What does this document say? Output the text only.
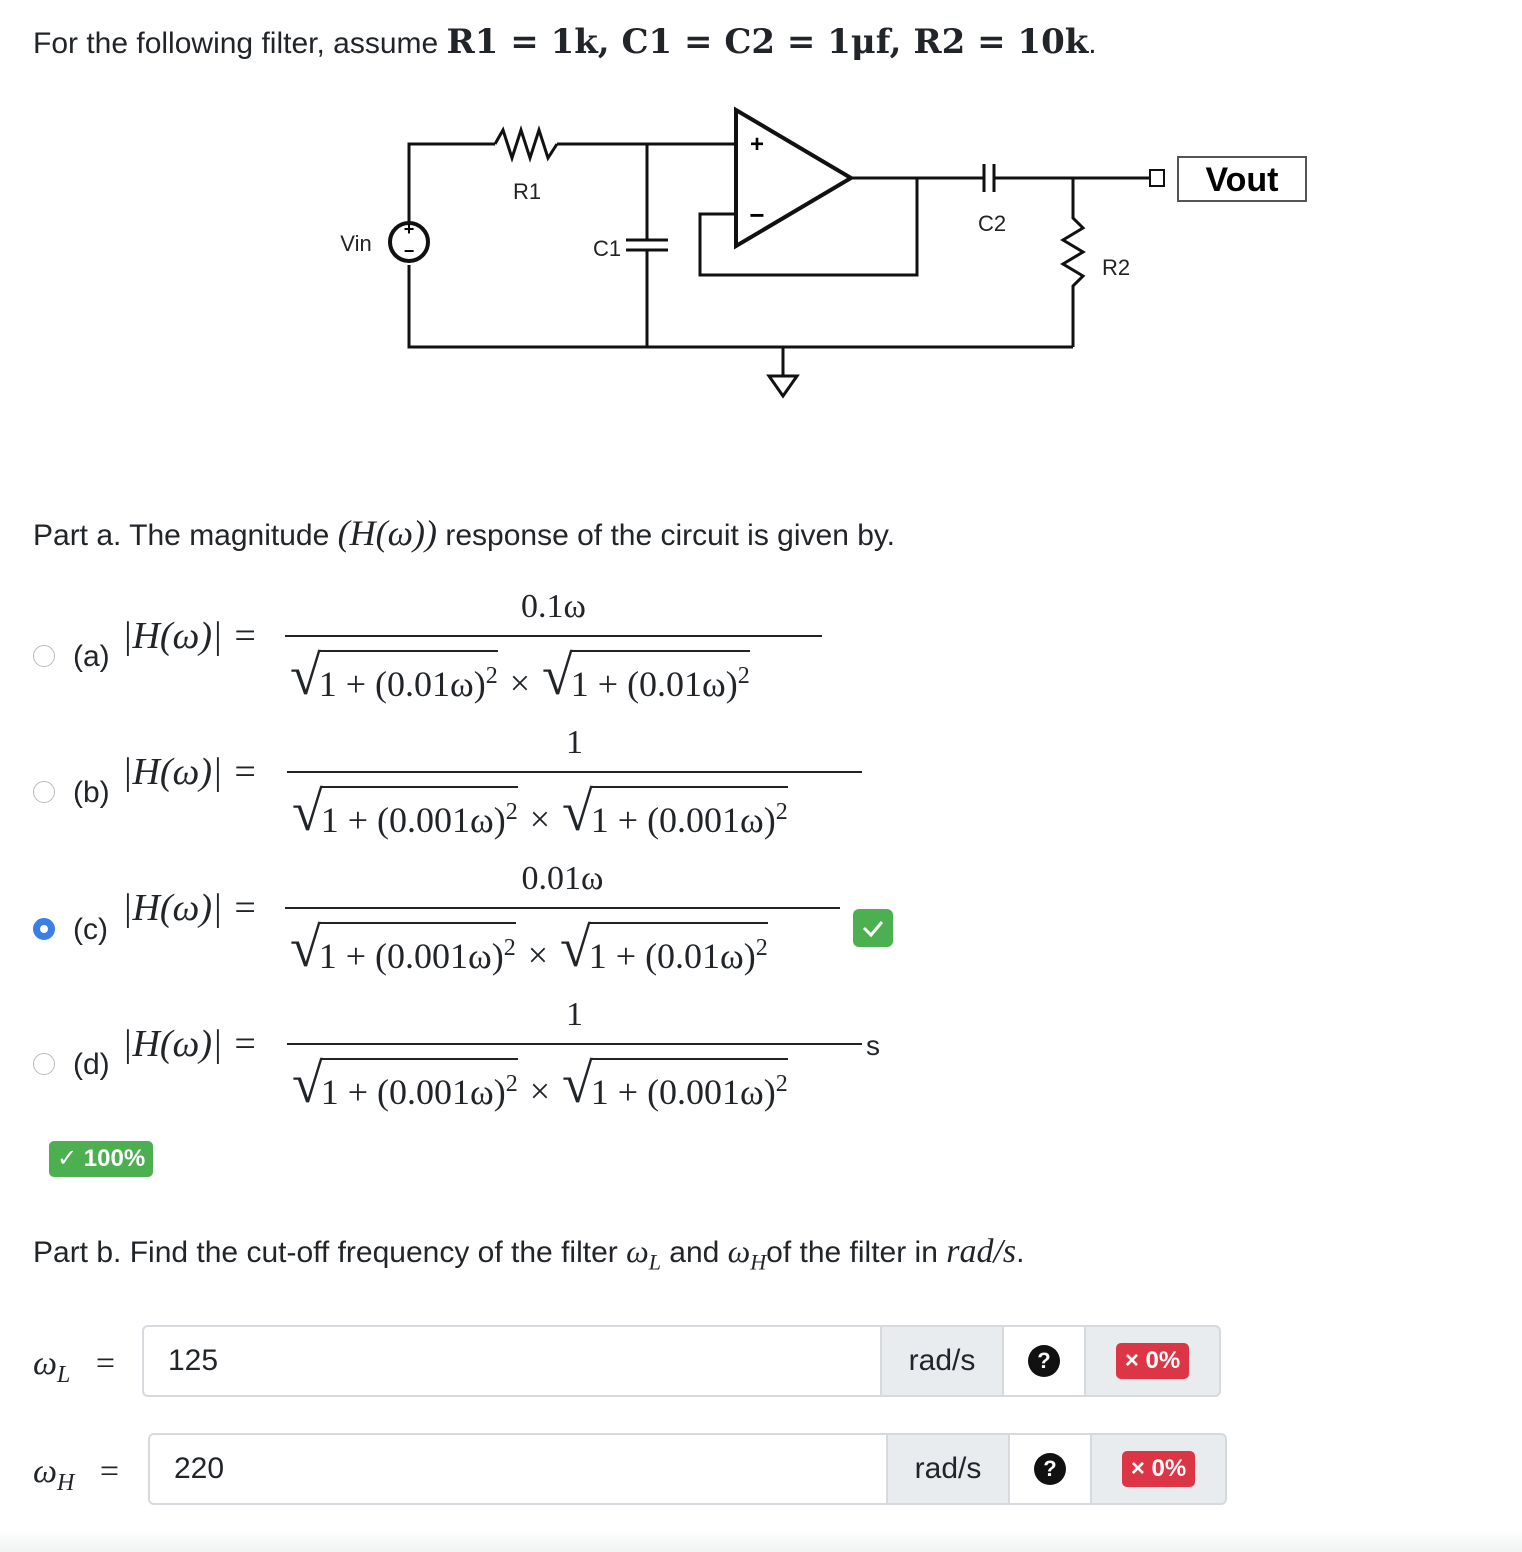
For the following filter, assume R1 = 1k, C1 = C2 = 1μf, R2 = 10k.
+
−
+
−
R1
C1
Vin
C2
R2
Vout
Part a. The magnitude (H(ω)) response of the circuit is given by.
(a) |H(ω)| =
0.1ω
√
$1 + (0.01\omega)^2$ × √
$1 + (0.01\omega)^2$
(b) |H(ω)| =
1
√
$1 + (0.001\omega)^2$ × √
$1 + (0.001\omega)^2$
(c)
|H(ω)| =
0.01ω
√
$1 + (0.001\omega)^2$ × √
$1 + (0.01\omega)^2$
(d) |H(ω)| =
1
s
√
$1 + (0.001\omega)^2$ × √
$1 + (0.001\omega)^2$
✓ 100%
Part b. Find the cut-off frequency of the filter $\omega_L$ and $\omega_Hof$ the filter in rad/s.
$\omega_L$ =	125	rad/s	?	× 0%
$\omega_H$ =	220	rad/s	?	× 0%
